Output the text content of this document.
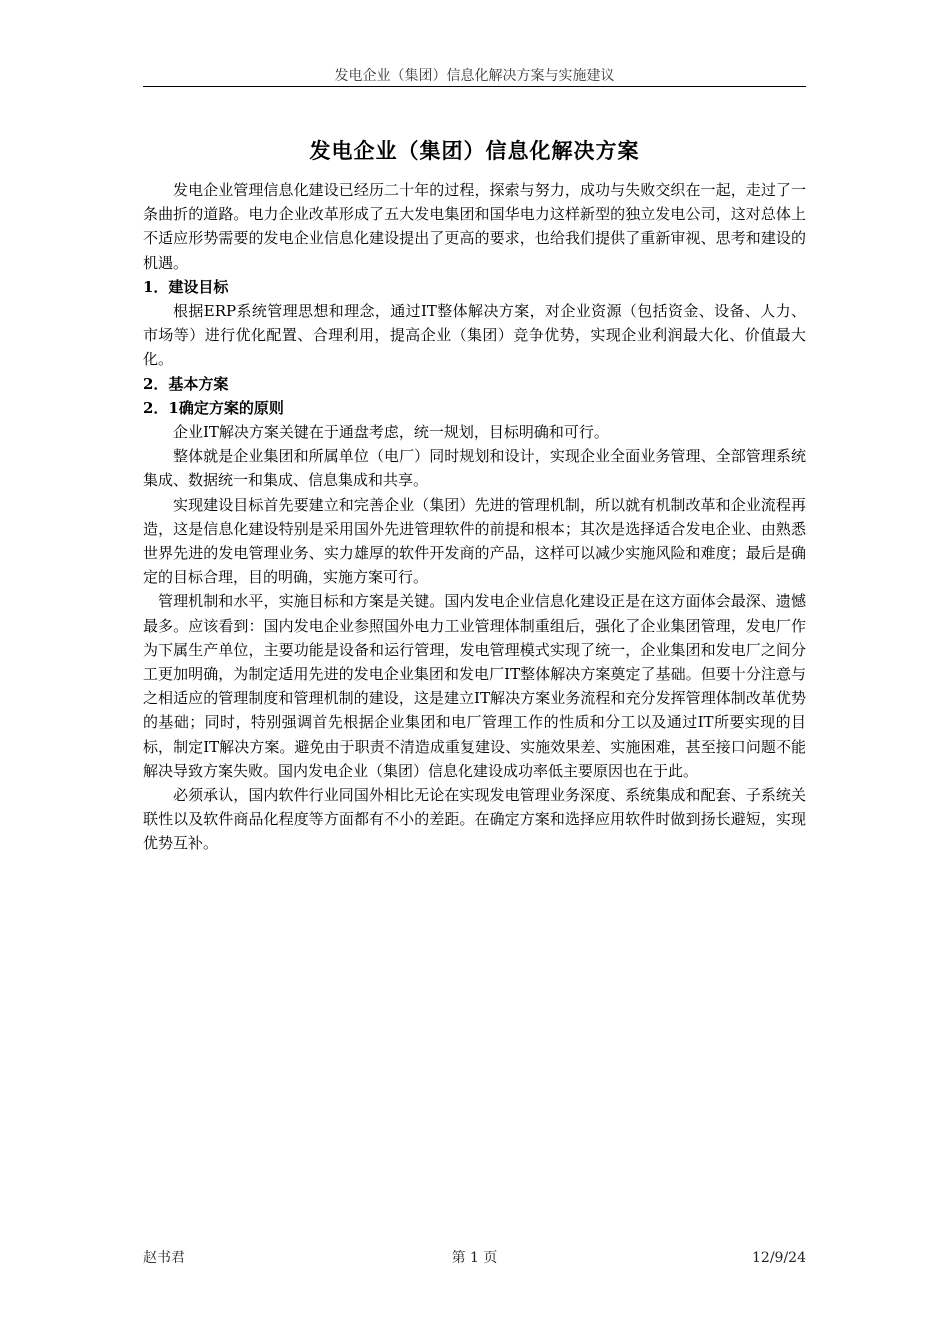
发电企业（集团）信息化解决方案与实施建议
发电企业（集团）信息化解决方案

发电企业管理信息化建设已经历二十年的过程，探索与努力，成功与失败交织在一起，走过了一条曲折的道路。电力企业改革形成了五大发电集团和国华电力这样新型的独立发电公司，这对总体上不适应形势需要的发电企业信息化建设提出了更高的要求，也给我们提供了重新审视、思考和建设的机遇。

1．建设目标

根据ERP系统管理思想和理念，通过IT整体解决方案，对企业资源（包括资金、设备、人力、市场等）进行优化配置、合理利用，提高企业（集团）竞争优势，实现企业利润最大化、价值最大化。

2．基本方案

2．1确定方案的原则

企业IT解决方案关键在于通盘考虑，统一规划，目标明确和可行。

整体就是企业集团和所属单位（电厂）同时规划和设计，实现企业全面业务管理、全部管理系统集成、数据统一和集成、信息集成和共享。

实现建设目标首先要建立和完善企业（集团）先进的管理机制，所以就有机制改革和企业流程再造，这是信息化建设特别是采用国外先进管理软件的前提和根本；其次是选择适合发电企业、由熟悉世界先进的发电管理业务、实力雄厚的软件开发商的产品，这样可以减少实施风险和难度；最后是确定的目标合理，目的明确，实施方案可行。

管理机制和水平，实施目标和方案是关键。国内发电企业信息化建设正是在这方面体会最深、遗憾最多。应该看到：国内发电企业参照国外电力工业管理体制重组后，强化了企业集团管理，发电厂作为下属生产单位，主要功能是设备和运行管理，发电管理模式实现了统一，企业集团和发电厂之间分工更加明确，为制定适用先进的发电企业集团和发电厂IT整体解决方案奠定了基础。但要十分注意与之相适应的管理制度和管理机制的建设，这是建立IT解决方案业务流程和充分发挥管理体制改革优势的基础；同时，特别强调首先根据企业集团和电厂管理工作的性质和分工以及通过IT所要实现的目标，制定IT解决方案。避免由于职责不清造成重复建设、实施效果差、实施困难，甚至接口问题不能解决导致方案失败。国内发电企业（集团）信息化建设成功率低主要原因也在于此。

必须承认，国内软件行业同国外相比无论在实现发电管理业务深度、系统集成和配套、子系统关联性以及软件商品化程度等方面都有不小的差距。在确定方案和选择应用软件时做到扬长避短，实现优势互补。

赵书君	第 1 页	12/9/24
